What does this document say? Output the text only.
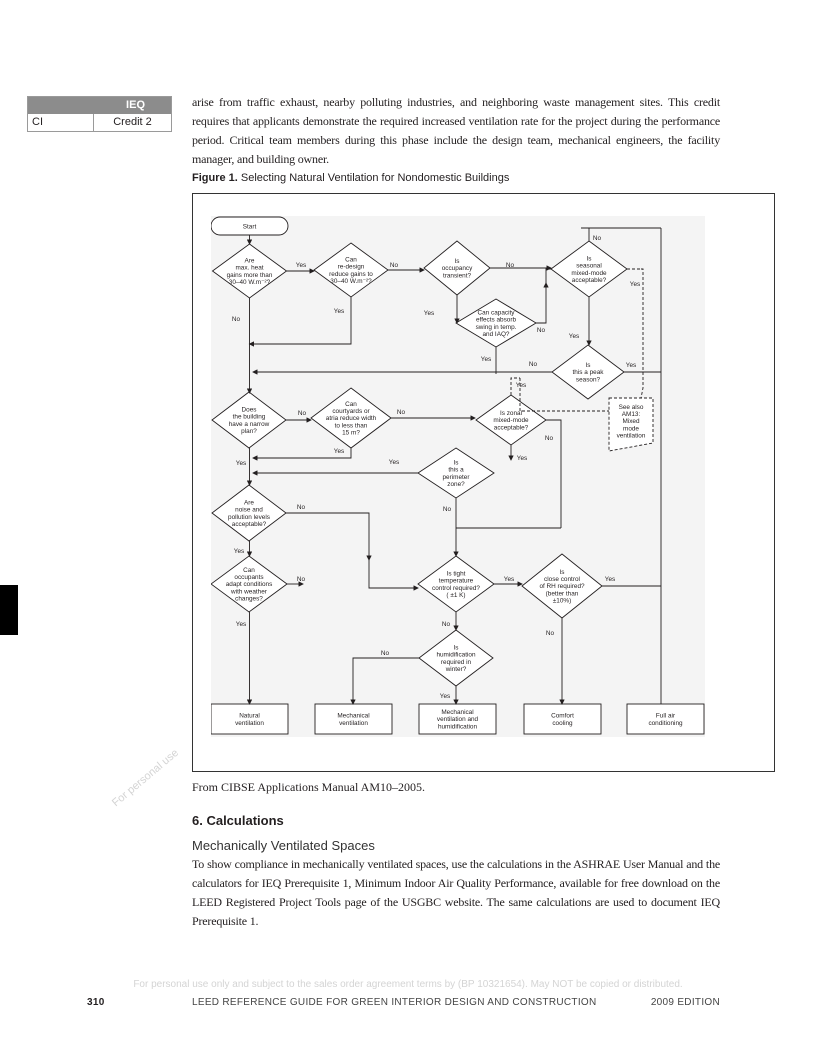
IEQ
CI	Credit 2
arise from traffic exhaust, nearby polluting industries, and neighboring waste management sites. This credit requires that applicants demonstrate the required increased ventilation rate for the project during the performance period. Critical team members during this phase include the design team, mechanical engineers, the facility manager, and building owner.
Figure 1. Selecting Natural Ventilation for Nondomestic Buildings
Start
Are
max. heat
gains more than
30–40 W.m⁻²?
Can
re-design
reduce gains to
30–40 W.m⁻²?
Is
occupancy
transient?
Is
seasonal
mixed-mode
acceptable?
Can capacity
effects absorb
swing in temp.
and IAQ?
Is
this a peak
season?
Does
the building
have a narrow
plan?
Can
courtyards or
atria reduce width
to less than
15 m?
Is zonal
mixed-mode
acceptable?
Is
this a
perimeter
zone?
Are
noise and
pollution levels
acceptable?
Can
occupants
adapt conditions
with weather
changes?
Is tight
temperature
control required?
( ±1 K)
Is
close control
of RH required?
(better than
±10%)
Is
humidification
required in
winter?
See also
AM13:
Mixed
mode
ventilation
Natural
ventilation
Mechanical
ventilation
Mechanical
ventilation and
humidification
Comfort
cooling
Full air
conditioning
Yes	No	No
No
Yes
No
Yes	Yes
No
Yes
Yes
No	Yes
Yes
No	No
Yes
No
Yes
Yes
Yes
No
No
Yes
No	Yes	Yes
Yes	No
No
No
Yes
From CIBSE Applications Manual AM10–2005.
6. Calculations
Mechanically Ventilated Spaces
To show compliance in mechanically ventilated spaces, use the calculations in the ASHRAE User Manual and the calculators for IEQ Prerequisite 1, Minimum Indoor Air Quality Performance, available for free download on the LEED Registered Project Tools page of the USGBC website. The same calculations are used to document IEQ Prerequisite 1.
For personal use
For personal use only and subject to the sales order agreement terms by (BP 10321654). May NOT be copied or distributed.
310	LEED REFERENCE GUIDE FOR GREEN INTERIOR DESIGN AND CONSTRUCTION	2009 EDITION
